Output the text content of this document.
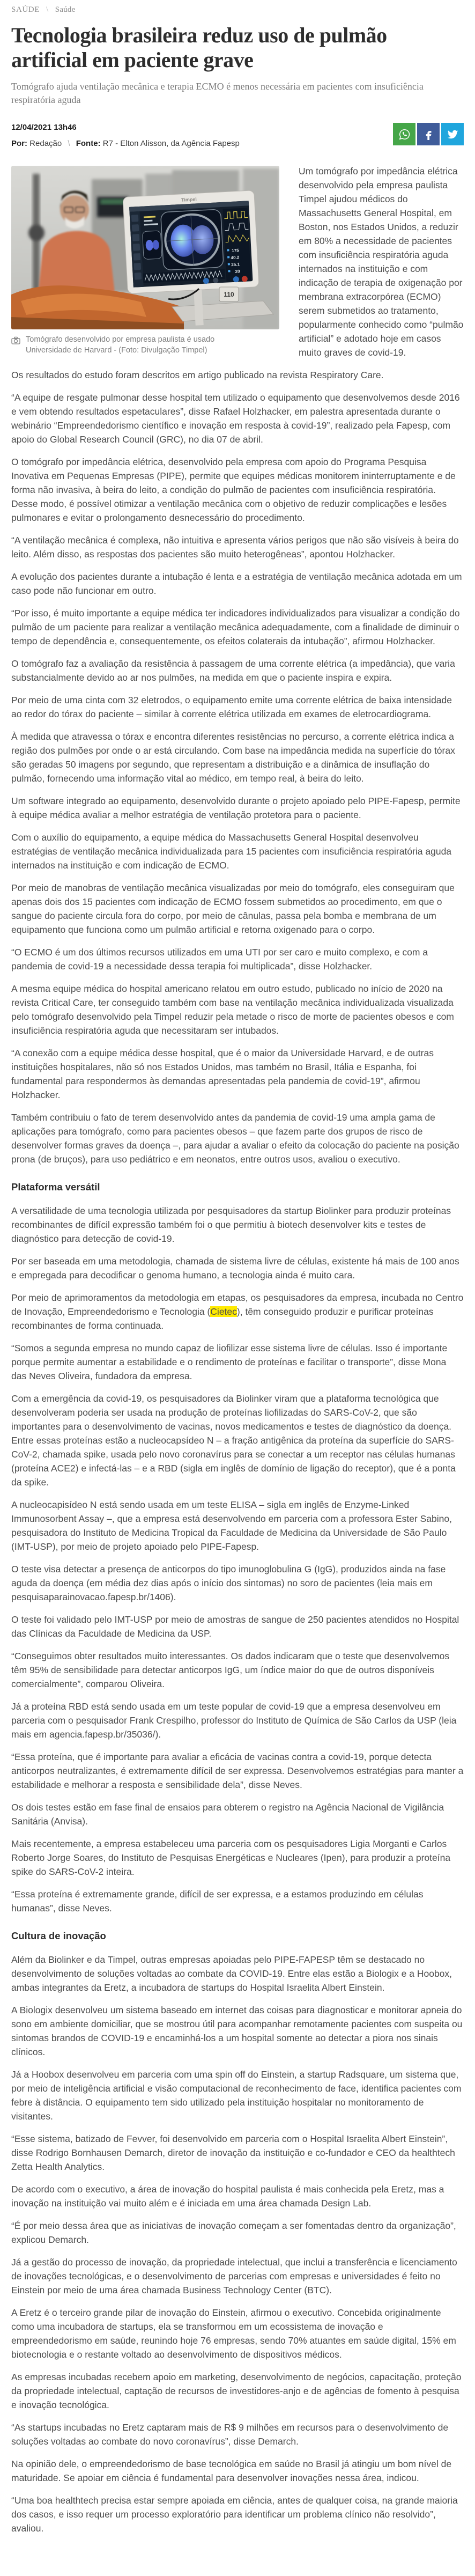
SAÚDE \ Saúde
Tecnologia brasileira reduz uso de pulmão artificial em paciente grave

Tomógrafo ajuda ventilação mecânica e terapia ECMO é menos necessária em pacientes com insuficiência respiratória aguda

12/04/2021 13h46
Por: Redação \ Fonte: R7 - Elton Alisson, da Agência Fapesp
Timpel
175
40.2
25.1
20
110
Tomógrafo desenvolvido por empresa paulista é usado Universidade de Harvard - (Foto: Divulgação Timpel)

Um tomógrafo por impedância elétrica desenvolvido pela empresa paulista Timpel ajudou médicos do Massachusetts General Hospital, em Boston, nos Estados Unidos, a reduzir em 80% a necessidade de pacientes com insuficiência respiratória aguda internados na instituição e com indicação de terapia de oxigenação por membrana extracorpórea (ECMO) serem submetidos ao tratamento, popularmente conhecido como “pulmão artificial” e adotado hoje em casos muito graves de covid-19.

Os resultados do estudo foram descritos em artigo publicado na revista Respiratory Care.

“A equipe de resgate pulmonar desse hospital tem utilizado o equipamento que desenvolvemos desde 2016 e vem obtendo resultados espetaculares”, disse Rafael Holzhacker, em palestra apresentada durante o webinário “Empreendedorismo científico e inovação em resposta à covid-19”, realizado pela Fapesp, com apoio do Global Research Council (GRC), no dia 07 de abril.

O tomógrafo por impedância elétrica, desenvolvido pela empresa com apoio do Programa Pesquisa Inovativa em Pequenas Empresas (PIPE), permite que equipes médicas monitorem ininterruptamente e de forma não invasiva, à beira do leito, a condição do pulmão de pacientes com insuficiência respiratória. Desse modo, é possível otimizar a ventilação mecânica com o objetivo de reduzir complicações e lesões pulmonares e evitar o prolongamento desnecessário do procedimento.

“A ventilação mecânica é complexa, não intuitiva e apresenta vários perigos que não são visíveis à beira do leito. Além disso, as respostas dos pacientes são muito heterogêneas”, apontou Holzhacker.

A evolução dos pacientes durante a intubação é lenta e a estratégia de ventilação mecânica adotada em um caso pode não funcionar em outro.

“Por isso, é muito importante a equipe médica ter indicadores individualizados para visualizar a condição do pulmão de um paciente para realizar a ventilação mecânica adequadamente, com a finalidade de diminuir o tempo de dependência e, consequentemente, os efeitos colaterais da intubação”, afirmou Holzhacker.

O tomógrafo faz a avaliação da resistência à passagem de uma corrente elétrica (a impedância), que varia substancialmente devido ao ar nos pulmões, na medida em que o paciente inspira e expira.

Por meio de uma cinta com 32 eletrodos, o equipamento emite uma corrente elétrica de baixa intensidade ao redor do tórax do paciente – similar à corrente elétrica utilizada em exames de eletrocardiograma.

À medida que atravessa o tórax e encontra diferentes resistências no percurso, a corrente elétrica indica a região dos pulmões por onde o ar está circulando. Com base na impedância medida na superfície do tórax são geradas 50 imagens por segundo, que representam a distribuição e a dinâmica de insuflação do pulmão, fornecendo uma informação vital ao médico, em tempo real, à beira do leito.

Um software integrado ao equipamento, desenvolvido durante o projeto apoiado pelo PIPE-Fapesp, permite à equipe médica avaliar a melhor estratégia de ventilação protetora para o paciente.

Com o auxílio do equipamento, a equipe médica do Massachusetts General Hospital desenvolveu estratégias de ventilação mecânica individualizada para 15 pacientes com insuficiência respiratória aguda internados na instituição e com indicação de ECMO.

Por meio de manobras de ventilação mecânica visualizadas por meio do tomógrafo, eles conseguiram que apenas dois dos 15 pacientes com indicação de ECMO fossem submetidos ao procedimento, em que o sangue do paciente circula fora do corpo, por meio de cânulas, passa pela bomba e membrana de um equipamento que funciona como um pulmão artificial e retorna oxigenado para o corpo.

“O ECMO é um dos últimos recursos utilizados em uma UTI por ser caro e muito complexo, e com a pandemia de covid-19 a necessidade dessa terapia foi multiplicada”, disse Holzhacker.

A mesma equipe médica do hospital americano relatou em outro estudo, publicado no início de 2020 na revista Critical Care, ter conseguido também com base na ventilação mecânica individualizada visualizada pelo tomógrafo desenvolvido pela Timpel reduzir pela metade o risco de morte de pacientes obesos e com insuficiência respiratória aguda que necessitaram ser intubados.

“A conexão com a equipe médica desse hospital, que é o maior da Universidade Harvard, e de outras instituições hospitalares, não só nos Estados Unidos, mas também no Brasil, Itália e Espanha, foi fundamental para respondermos às demandas apresentadas pela pandemia de covid-19”, afirmou Holzhacker.

Também contribuiu o fato de terem desenvolvido antes da pandemia de covid-19 uma ampla gama de aplicações para tomógrafo, como para pacientes obesos – que fazem parte dos grupos de risco de desenvolver formas graves da doença –, para ajudar a avaliar o efeito da colocação do paciente na posição prona (de bruços), para uso pediátrico e em neonatos, entre outros usos, avaliou o executivo.

Plataforma versátil

A versatilidade de uma tecnologia utilizada por pesquisadores da startup Biolinker para produzir proteínas recombinantes de difícil expressão também foi o que permitiu à biotech desenvolver kits e testes de diagnóstico para detecção de covid-19.

Por ser baseada em uma metodologia, chamada de sistema livre de células, existente há mais de 100 anos e empregada para decodificar o genoma humano, a tecnologia ainda é muito cara.

Por meio de aprimoramentos da metodologia em etapas, os pesquisadores da empresa, incubada no Centro de Inovação, Empreendedorismo e Tecnologia (Cietec), têm conseguido produzir e purificar proteínas recombinantes de forma continuada.

“Somos a segunda empresa no mundo capaz de liofilizar esse sistema livre de células. Isso é importante porque permite aumentar a estabilidade e o rendimento de proteínas e facilitar o transporte”, disse Mona das Neves Oliveira, fundadora da empresa.

Com a emergência da covid-19, os pesquisadores da Biolinker viram que a plataforma tecnológica que desenvolveram poderia ser usada na produção de proteínas liofilizadas do SARS-CoV-2, que são importantes para o desenvolvimento de vacinas, novos medicamentos e testes de diagnóstico da doença. Entre essas proteínas estão a nucleocapsídeo N – a fração antigênica da proteína da superfície do SARS-CoV-2, chamada spike, usada pelo novo coronavírus para se conectar a um receptor nas células humanas (proteína ACE2) e infectá-las – e a RBD (sigla em inglês de domínio de ligação do receptor), que é a ponta da spike.

A nucleocapisídeo N está sendo usada em um teste ELISA – sigla em inglês de Enzyme-Linked Immunosorbent Assay –, que a empresa está desenvolvendo em parceria com a professora Ester Sabino, pesquisadora do Instituto de Medicina Tropical da Faculdade de Medicina da Universidade de São Paulo (IMT-USP), por meio de projeto apoiado pelo PIPE-Fapesp.

O teste visa detectar a presença de anticorpos do tipo imunoglobulina G (IgG), produzidos ainda na fase aguda da doença (em média dez dias após o início dos sintomas) no soro de pacientes (leia mais em pesquisaparainovacao.fapesp.br/1406).

O teste foi validado pelo IMT-USP por meio de amostras de sangue de 250 pacientes atendidos no Hospital das Clínicas da Faculdade de Medicina da USP.

“Conseguimos obter resultados muito interessantes. Os dados indicaram que o teste que desenvolvemos têm 95% de sensibilidade para detectar anticorpos IgG, um índice maior do que de outros disponíveis comercialmente”, comparou Oliveira.

Já a proteína RBD está sendo usada em um teste popular de covid-19 que a empresa desenvolveu em parceria com o pesquisador Frank Crespilho, professor do Instituto de Química de São Carlos da USP (leia mais em agencia.fapesp.br/35036/).

“Essa proteína, que é importante para avaliar a eficácia de vacinas contra a covid-19, porque detecta anticorpos neutralizantes, é extremamente difícil de ser expressa. Desenvolvemos estratégias para manter a estabilidade e melhorar a resposta e sensibilidade dela”, disse Neves.

Os dois testes estão em fase final de ensaios para obterem o registro na Agência Nacional de Vigilância Sanitária (Anvisa).

Mais recentemente, a empresa estabeleceu uma parceria com os pesquisadores Ligia Morganti e Carlos Roberto Jorge Soares, do Instituto de Pesquisas Energéticas e Nucleares (Ipen), para produzir a proteína spike do SARS-CoV-2 inteira.

“Essa proteína é extremamente grande, difícil de ser expressa, e a estamos produzindo em células humanas”, disse Neves.

Cultura de inovação

Além da Biolinker e da Timpel, outras empresas apoiadas pelo PIPE-FAPESP têm se destacado no desenvolvimento de soluções voltadas ao combate da COVID-19. Entre elas estão a Biologix e a Hoobox, ambas integrantes da Eretz, a incubadora de startups do Hospital Israelita Albert Einstein.

A Biologix desenvolveu um sistema baseado em internet das coisas para diagnosticar e monitorar apneia do sono em ambiente domiciliar, que se mostrou útil para acompanhar remotamente pacientes com suspeita ou sintomas brandos de COVID-19 e encaminhá-los a um hospital somente ao detectar a piora nos sinais clínicos.

Já a Hoobox desenvolveu em parceria com uma spin off do Einstein, a startup Radsquare, um sistema que, por meio de inteligência artificial e visão computacional de reconhecimento de face, identifica pacientes com febre à distância. O equipamento tem sido utilizado pela instituição hospitalar no monitoramento de visitantes.

“Esse sistema, batizado de Fevver, foi desenvolvido em parceria com o Hospital Israelita Albert Einstein”, disse Rodrigo Bornhausen Demarch, diretor de inovação da instituição e co-fundador e CEO da healthtech Zetta Health Analytics.

De acordo com o executivo, a área de inovação do hospital paulista é mais conhecida pela Eretz, mas a inovação na instituição vai muito além e é iniciada em uma área chamada Design Lab.

“É por meio dessa área que as iniciativas de inovação começam a ser fomentadas dentro da organização”, explicou Demarch.

Já a gestão do processo de inovação, da propriedade intelectual, que inclui a transferência e licenciamento de inovações tecnológicas, e o desenvolvimento de parcerias com empresas e universidades é feito no Einstein por meio de uma área chamada Business Technology Center (BTC).

A Eretz é o terceiro grande pilar de inovação do Einstein, afirmou o executivo. Concebida originalmente como uma incubadora de startups, ela se transformou em um ecossistema de inovação e empreendedorismo em saúde, reunindo hoje 76 empresas, sendo 70% atuantes em saúde digital, 15% em biotecnologia e o restante voltado ao desenvolvimento de dispositivos médicos.

As empresas incubadas recebem apoio em marketing, desenvolvimento de negócios, capacitação, proteção da propriedade intelectual, captação de recursos de investidores-anjo e de agências de fomento à pesquisa e inovação tecnológica.

“As startups incubadas no Eretz captaram mais de R$ 9 milhões em recursos para o desenvolvimento de soluções voltadas ao combate do novo coronavírus”, disse Demarch.

Na opinião dele, o empreendedorismo de base tecnológica em saúde no Brasil já atingiu um bom nível de maturidade. Se apoiar em ciência é fundamental para desenvolver inovações nessa área, indicou.

“Uma boa healthtech precisa estar sempre apoiada em ciência, antes de qualquer coisa, na grande maioria dos casos, e isso requer um processo exploratório para identificar um problema clínico não resolvido”, avaliou.
